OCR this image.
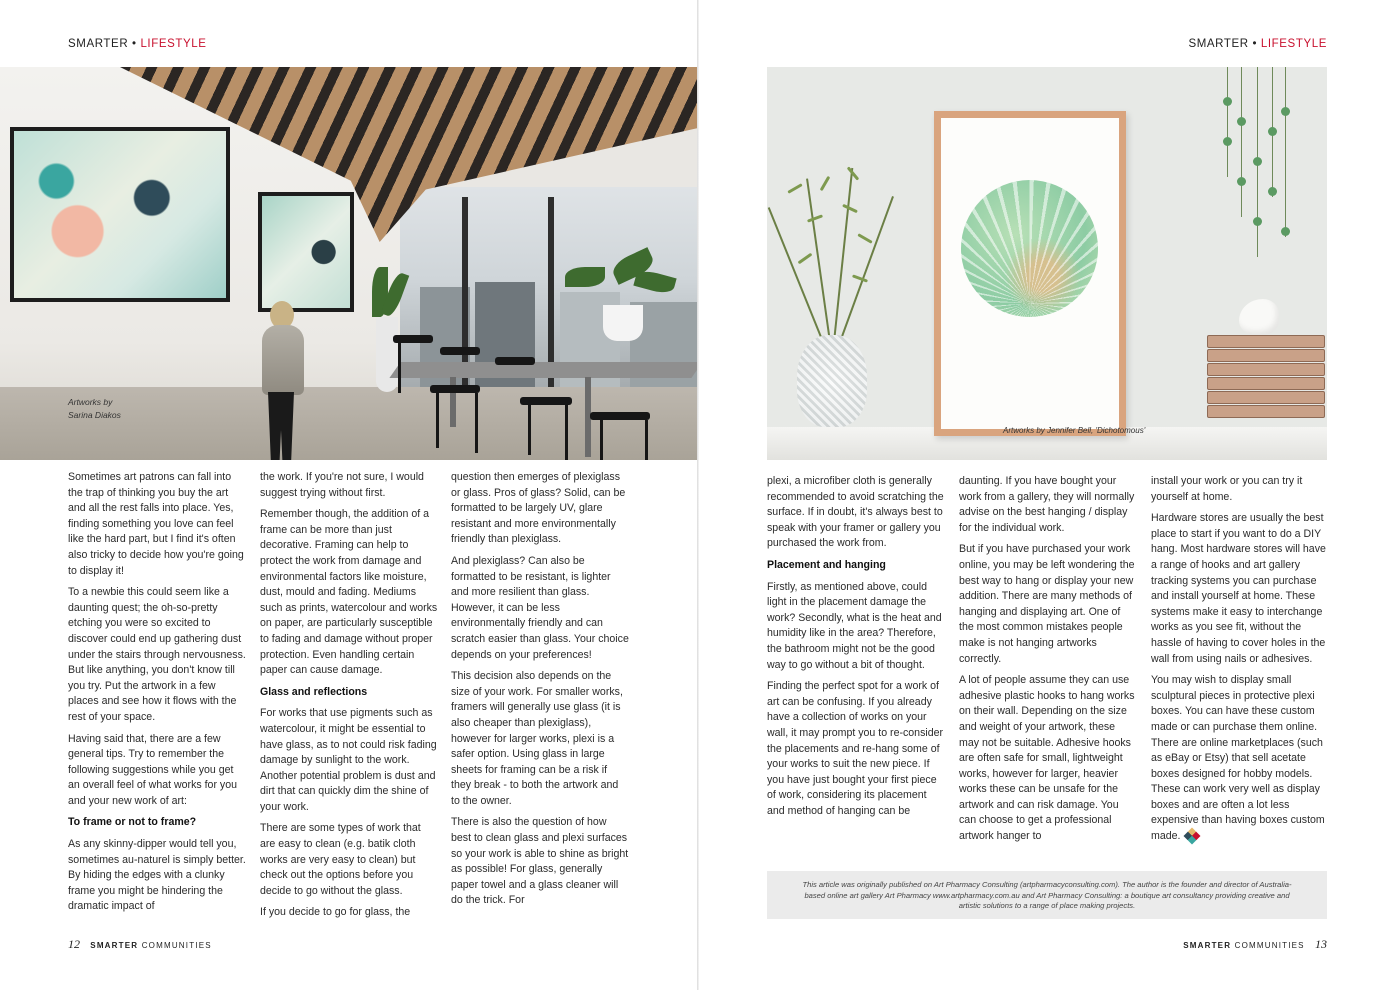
SMARTER • LIFESTYLE
Artworks by Sarina Diakos

Sometimes art patrons can fall into the trap of thinking you buy the art and all the rest falls into place. Yes, finding something you love can feel like the hard part, but I find it's often also tricky to decide how you're going to display it!

To a newbie this could seem like a daunting quest; the oh-so-pretty etching you were so excited to discover could end up gathering dust under the stairs through nervousness. But like anything, you don't know till you try. Put the artwork in a few places and see how it flows with the rest of your space.

Having said that, there are a few general tips. Try to remember the following suggestions while you get an overall feel of what works for you and your new work of art:

To frame or not to frame?

As any skinny-dipper would tell you, sometimes au-naturel is simply better. By hiding the edges with a clunky frame you might be hindering the dramatic impact of

the work. If you're not sure, I would suggest trying without first.

Remember though, the addition of a frame can be more than just decorative. Framing can help to protect the work from damage and environmental factors like moisture, dust, mould and fading. Mediums such as prints, watercolour and works on paper, are particularly susceptible to fading and damage without proper protection. Even handling certain paper can cause damage.

Glass and reflections

For works that use pigments such as watercolour, it might be essential to have glass, as to not could risk fading damage by sunlight to the work. Another potential problem is dust and dirt that can quickly dim the shine of your work.

There are some types of work that are easy to clean (e.g. batik cloth works are very easy to clean) but check out the options before you decide to go without the glass.

If you decide to go for glass, the

question then emerges of plexiglass or glass. Pros of glass? Solid, can be formatted to be largely UV, glare resistant and more environmentally friendly than plexiglass.

And plexiglass? Can also be formatted to be resistant, is lighter and more resilient than glass. However, it can be less environmentally friendly and can scratch easier than glass. Your choice depends on your preferences!

This decision also depends on the size of your work. For smaller works, framers will generally use glass (it is also cheaper than plexiglass), however for larger works, plexi is a safer option. Using glass in large sheets for framing can be a risk if they break - to both the artwork and to the owner.

There is also the question of how best to clean glass and plexi surfaces so your work is able to shine as bright as possible! For glass, generally paper towel and a glass cleaner will do the trick. For

12 SMARTER COMMUNITIES
SMARTER • LIFESTYLE
Artworks by Jennifer Bell, 'Dichotomous'

plexi, a microfiber cloth is generally recommended to avoid scratching the surface. If in doubt, it's always best to speak with your framer or gallery you purchased the work from.

Placement and hanging

Firstly, as mentioned above, could light in the placement damage the work? Secondly, what is the heat and humidity like in the area? Therefore, the bathroom might not be the good way to go without a bit of thought.

Finding the perfect spot for a work of art can be confusing. If you already have a collection of works on your wall, it may prompt you to re-consider the placements and re-hang some of your works to suit the new piece. If you have just bought your first piece of work, considering its placement and method of hanging can be

daunting. If you have bought your work from a gallery, they will normally advise on the best hanging / display for the individual work.

But if you have purchased your work online, you may be left wondering the best way to hang or display your new addition. There are many methods of hanging and displaying art. One of the most common mistakes people make is not hanging artworks correctly.

A lot of people assume they can use adhesive plastic hooks to hang works on their wall. Depending on the size and weight of your artwork, these may not be suitable. Adhesive hooks are often safe for small, lightweight works, however for larger, heavier works these can be unsafe for the artwork and can risk damage. You can choose to get a professional artwork hanger to

install your work or you can try it yourself at home.

Hardware stores are usually the best place to start if you want to do a DIY hang. Most hardware stores will have a range of hooks and art gallery tracking systems you can purchase and install yourself at home. These systems make it easy to interchange works as you see fit, without the hassle of having to cover holes in the wall from using nails or adhesives.

You may wish to display small sculptural pieces in protective plexi boxes. You can have these custom made or can purchase them online. There are online marketplaces (such as eBay or Etsy) that sell acetate boxes designed for hobby models. These can work very well as display boxes and are often a lot less expensive than having boxes custom made.

This article was originally published on Art Pharmacy Consulting (artpharmacyconsulting.com). The author is the founder and director of Australia-based online art gallery Art Pharmacy www.artpharmacy.com.au and Art Pharmacy Consulting: a boutique art consultancy providing creative and artistic solutions to a range of place making projects.
SMARTER COMMUNITIES 13
